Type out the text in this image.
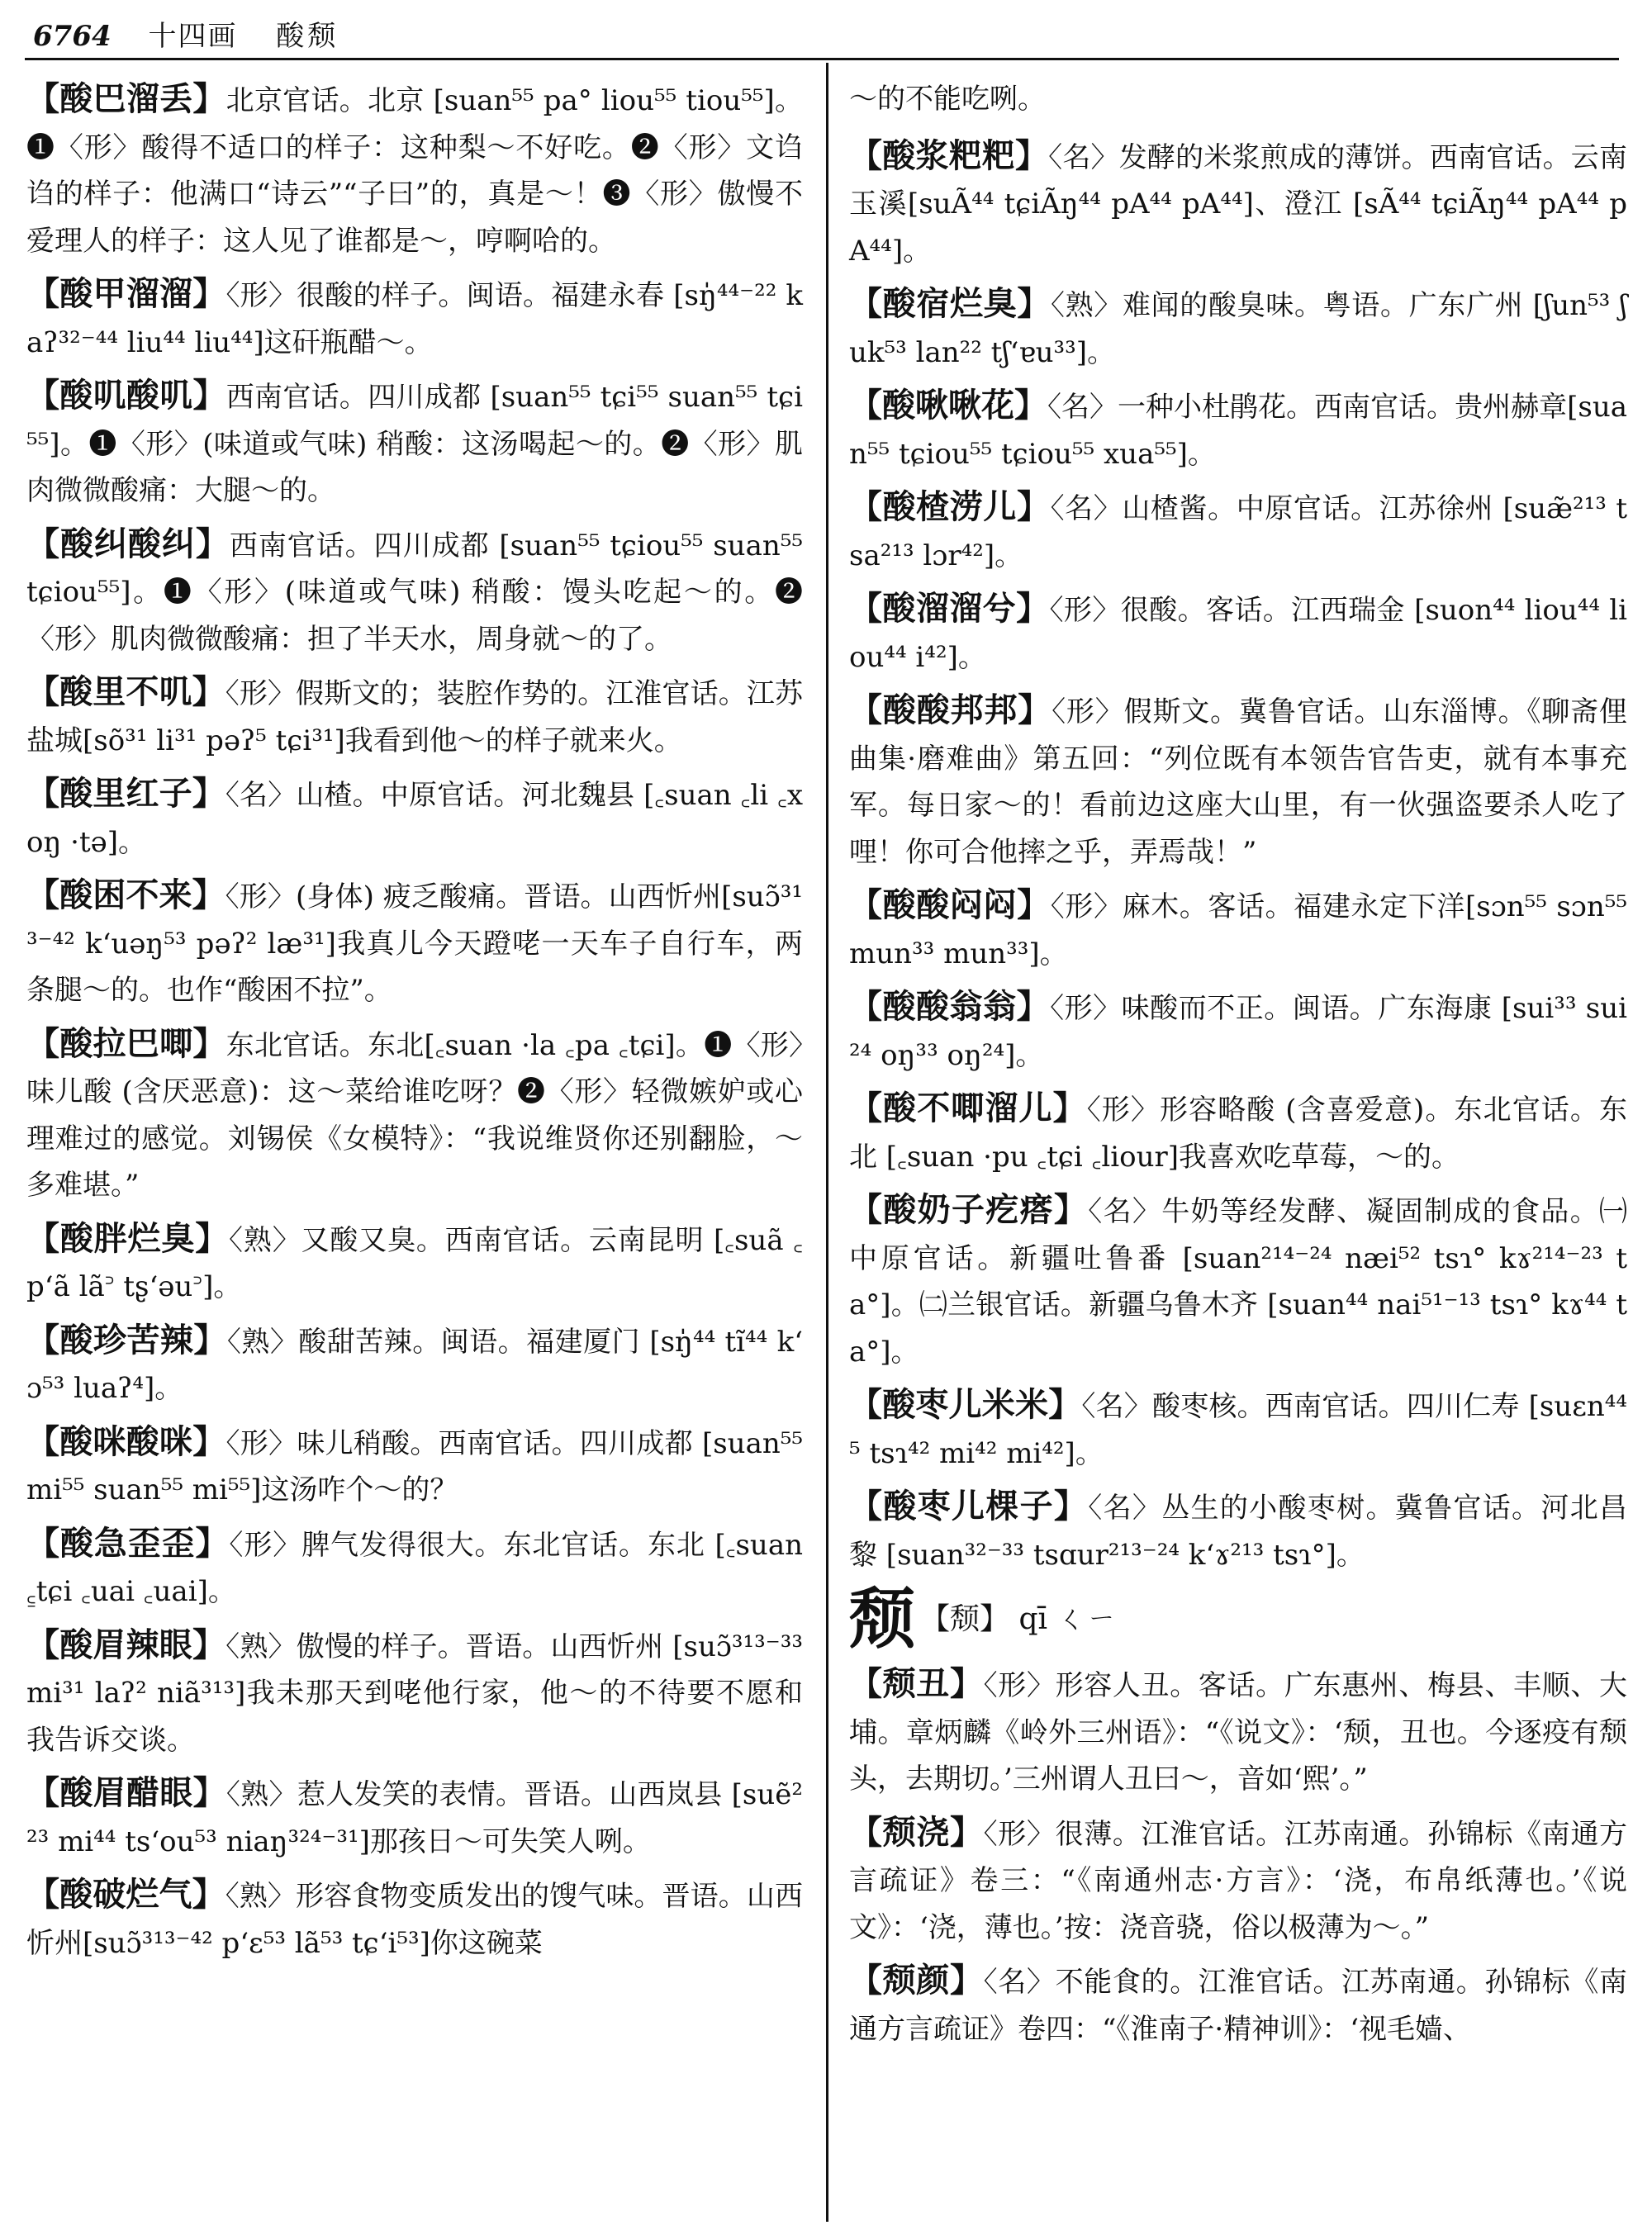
6764 十四画 酸颓

【酸巴溜丢】北京官话。北京 [suan⁵⁵ pa° liou⁵⁵ tiou⁵⁵]。❶〈形〉酸得不适口的样子：这种梨～不好吃。❷〈形〉文诌诌的样子：他满口“诗云”“子曰”的，真是～！❸〈形〉傲慢不爱理人的样子：这人见了谁都是～，哼啊哈的。

【酸甲溜溜】〈形〉很酸的样子。闽语。福建永春 [sŋ̍⁴⁴⁻²² kaʔ³²⁻⁴⁴ liu⁴⁴ liu⁴⁴]这矸瓶醋～。

【酸叽酸叽】西南官话。四川成都 [suan⁵⁵ tɕi⁵⁵ suan⁵⁵ tɕi⁵⁵]。❶〈形〉(味道或气味) 稍酸：这汤喝起～的。❷〈形〉肌肉微微酸痛：大腿～的。

【酸纠酸纠】西南官话。四川成都 [suan⁵⁵ tɕiou⁵⁵ suan⁵⁵ tɕiou⁵⁵]。❶〈形〉(味道或气味) 稍酸：馒头吃起～的。❷〈形〉肌肉微微酸痛：担了半天水，周身就～的了。

【酸里不叽】〈形〉假斯文的；装腔作势的。江淮官话。江苏盐城[sõ³¹ li³¹ pəʔ⁵ tɕi³¹]我看到他～的样子就来火。

【酸里红子】〈名〉山楂。中原官话。河北魏县 [꜀suan ꜀li ꜀xoŋ ·tə]。

【酸困不来】〈形〉(身体) 疲乏酸痛。晋语。山西忻州[suɔ̃³¹³⁻⁴² kʻuəŋ⁵³ pəʔ² læ³¹]我真儿今天蹬咾一天车子自行车，两条腿～的。也作“酸困不拉”。

【酸拉巴唧】东北官话。东北[꜀suan ·la ꜀pa ꜀tɕi]。❶〈形〉味儿酸 (含厌恶意)：这～菜给谁吃呀？❷〈形〉轻微嫉妒或心理难过的感觉。刘锡侯《女模特》：“我说维贤你还别翻脸，～多难堪。”

【酸胖烂臭】〈熟〉又酸又臭。西南官话。云南昆明 [꜀suã ꜀pʻã lã꜄ tʂʻəu꜄]。

【酸珍苦辣】〈熟〉酸甜苦辣。闽语。福建厦门 [sŋ̍⁴⁴ tĩ⁴⁴ kʻɔ⁵³ luaʔ⁴]。

【酸咪酸咪】〈形〉味儿稍酸。西南官话。四川成都 [suan⁵⁵ mi⁵⁵ suan⁵⁵ mi⁵⁵]这汤咋个～的？

【酸急歪歪】〈形〉脾气发得很大。东北官话。东北 [꜀suan ꜁tɕi ꜀uai ꜀uai]。

【酸眉辣眼】〈熟〉傲慢的样子。晋语。山西忻州 [suɔ̃³¹³⁻³³ mi³¹ laʔ² niã³¹³]我未那天到咾他行家，他～的不待要不愿和我告诉交谈。

【酸眉醋眼】〈熟〉惹人发笑的表情。晋语。山西岚县 [suẽ²²³ mi⁴⁴ tsʻou⁵³ niaŋ³²⁴⁻³¹]那孩日～可失笑人咧。

【酸破烂气】〈熟〉形容食物变质发出的馊气味。晋语。山西忻州[suɔ̃³¹³⁻⁴² pʻɛ⁵³ lã⁵³ tɕʻi⁵³]你这碗菜

～的不能吃咧。

【酸浆粑粑】〈名〉发酵的米浆煎成的薄饼。西南官话。云南玉溪[suÃ⁴⁴ tɕiÃŋ⁴⁴ pA⁴⁴ pA⁴⁴]、澄江 [sÃ⁴⁴ tɕiÃŋ⁴⁴ pA⁴⁴ pA⁴⁴]。

【酸宿烂臭】〈熟〉难闻的酸臭味。粤语。广东广州 [ʃun⁵³ ʃuk⁵³ lan²² tʃʻɐu³³]。

【酸啾啾花】〈名〉一种小杜鹃花。西南官话。贵州赫章[suan⁵⁵ tɕiou⁵⁵ tɕiou⁵⁵ xua⁵⁵]。

【酸楂涝儿】〈名〉山楂酱。中原官话。江苏徐州 [suæ̃²¹³ tsa²¹³ lɔr⁴²]。

【酸溜溜兮】〈形〉很酸。客话。江西瑞金 [suon⁴⁴ liou⁴⁴ liou⁴⁴ i⁴²]。

【酸酸邦邦】〈形〉假斯文。冀鲁官话。山东淄博。《聊斋俚曲集·磨难曲》第五回：“列位既有本领告官告吏，就有本事充军。每日家～的！看前边这座大山里，有一伙强盗要杀人吃了哩！你可合他摔之乎，弄焉哉！”

【酸酸闷闷】〈形〉麻木。客话。福建永定下洋[sɔn⁵⁵ sɔn⁵⁵ mun³³ mun³³]。

【酸酸翁翁】〈形〉味酸而不正。闽语。广东海康 [sui³³ sui²⁴ oŋ³³ oŋ²⁴]。

【酸不唧溜儿】〈形〉形容略酸 (含喜爱意)。东北官话。东北 [꜀suan ·pu ꜀tɕi ꜀liour]我喜欢吃草莓，～的。

【酸奶子疙瘩】〈名〉牛奶等经发酵、凝固制成的食品。㈠中原官话。新疆吐鲁番 [suan²¹⁴⁻²⁴ næi⁵² tsɿ° kɤ²¹⁴⁻²³ ta°]。㈡兰银官话。新疆乌鲁木齐 [suan⁴⁴ nai⁵¹⁻¹³ tsɿ° kɤ⁴⁴ ta°]。

【酸枣儿米米】〈名〉酸枣核。西南官话。四川仁寿 [suɛn⁴⁴⁵ tsɿ⁴² mi⁴² mi⁴²]。

【酸枣儿棵子】〈名〉丛生的小酸枣树。冀鲁官话。河北昌黎 [suan³²⁻³³ tsɑur²¹³⁻²⁴ kʻɤ²¹³ tsɿ°]。

颓 【颓】 qī ㄑㄧ

【颓丑】〈形〉形容人丑。客话。广东惠州、梅县、丰顺、大埔。章炳麟《岭外三州语》：“《说文》：‘颓，丑也。今逐疫有颓头，去期切。’三州谓人丑曰～，音如‘熙’。”

【颓浇】〈形〉很薄。江淮官话。江苏南通。孙锦标《南通方言疏证》卷三：“《南通州志·方言》：‘浇，布帛纸薄也。’《说文》：‘浇，薄也。’按：浇音骁，俗以极薄为～。”

【颓颜】〈名〉不能食的。江淮官话。江苏南通。孙锦标《南通方言疏证》卷四：“《淮南子·精神训》：‘视毛嫱、
